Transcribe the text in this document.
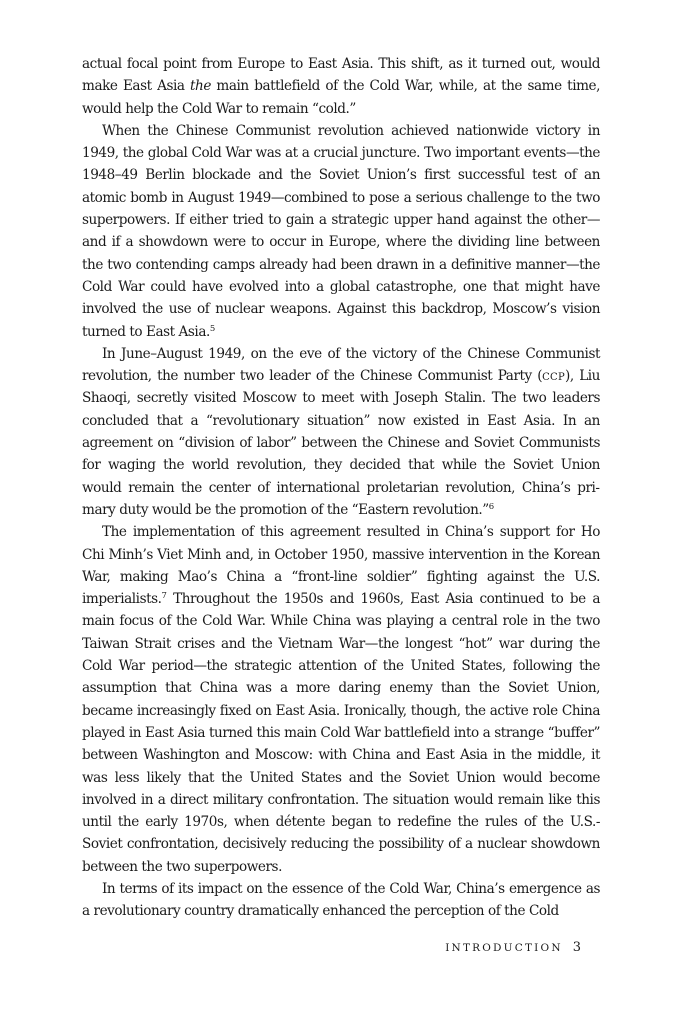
actual focal point from Europe to East Asia. This shift, as it turned out, would make East Asia the main battlefield of the Cold War, while, at the same time, would help the Cold War to remain “cold.”

When the Chinese Communist revolution achieved nationwide victory in 1949, the global Cold War was at a crucial juncture. Two important events—the 1948–49 Berlin blockade and the Soviet Union’s first successful test of an atomic bomb in August 1949—combined to pose a serious challenge to the two superpowers. If either tried to gain a strategic upper hand against the other—and if a showdown were to occur in Europe, where the dividing line between the two contending camps already had been drawn in a definitive manner—the Cold War could have evolved into a global catastrophe, one that might have involved the use of nuclear weapons. Against this backdrop, Moscow’s vision turned to East Asia.$^5$

In June–August 1949, on the eve of the victory of the Chinese Communist revolution, the number two leader of the Chinese Communist Party (ccp), Liu Shaoqi, secretly visited Moscow to meet with Joseph Stalin. The two leaders concluded that a “revolutionary situation” now existed in East Asia. In an agreement on “division of labor” between the Chinese and Soviet Communists for waging the world revolution, they decided that while the Soviet Union would remain the center of international proletarian revolution, China’s primary duty would be the promotion of the “Eastern revolution.”$^6$

The implementation of this agreement resulted in China’s support for Ho Chi Minh’s Viet Minh and, in October 1950, massive intervention in the Korean War, making Mao’s China a “front-line soldier” fighting against the U.S. imperialists.$^7$ Throughout the 1950s and 1960s, East Asia continued to be a main focus of the Cold War. While China was playing a central role in the two Taiwan Strait crises and the Vietnam War—the longest “hot” war during the Cold War period—the strategic attention of the United States, following the assumption that China was a more daring enemy than the Soviet Union, became increasingly fixed on East Asia. Ironically, though, the active role China played in East Asia turned this main Cold War battlefield into a strange “buffer” between Washington and Moscow: with China and East Asia in the middle, it was less likely that the United States and the Soviet Union would become involved in a direct military confrontation. The situation would remain like this until the early 1970s, when détente began to redefine the rules of the U.S.-Soviet confrontation, decisively reducing the possibility of a nuclear showdown between the two superpowers.

In terms of its impact on the essence of the Cold War, China’s emergence as a revolutionary country dramatically enhanced the perception of the Cold

INTRODUCTION 3
